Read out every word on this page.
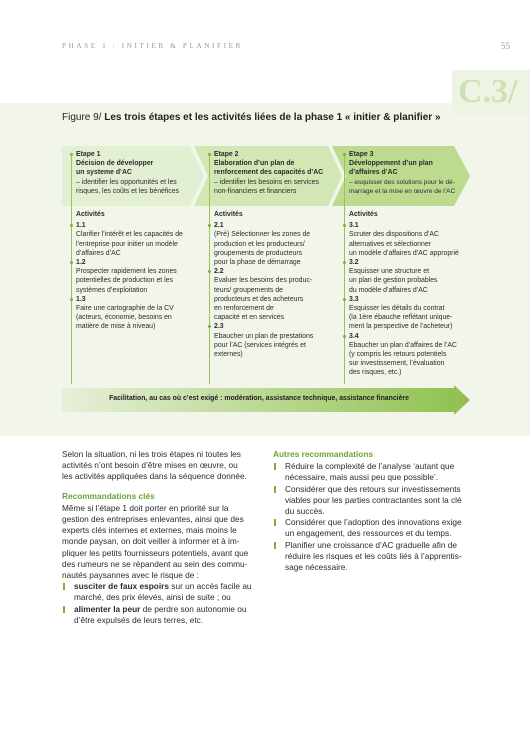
PHASE 1 : INITIER & PLANIFIER	55
C.3/
Figure 9/ Les trois étapes et les activités liées de la phase 1 « initier & planifier »
Etape 1
Décision de développer
un systeme d’AC
– identifier les opportunités et les
risques, les coûts et les bénéfices
Etape 2
Elaboration d’un plan de
renforcement des capacités d’AC
– identifier les besoins en services
non-financiers et financiers
Etape 3
Développement d’un plan
d’affaires d’AC
– esquisser des solutions pour le dé-
marrage et la mise en œuvre de l’AC
Activités
1.1
Clarifier l’intérêt et les capacités de
l’entreprise pour initier un modèle
d’affaires d’AC
1.2
Prospecter rapidement les zones
potentielles de production et les
systèmes d’exploitation
1.3
Faire une cartographie de la CV
(acteurs, économie, besoins en
matière de mise à niveau)
Activités
2.1
(Pré) Sélectionner les zones de
production et les producteurs/
groupements de producteurs
pour la phase de démarrage
2.2
Evaluer les besoins des produc-
teurs/ groupements de
producteurs et des acheteurs
en renforcement de
capacité et en services
2.3
Ebaucher un plan de prestations
pour l’AC (services intégrés et
externes)
Activités
3.1
Scruter des dispositions d’AC
alternatives et sélectionner
un modèle d’affaires d’AC approprié
3.2
Esquisser une structure et
un plan de gestion probables
du modèle d’affaires d’AC
3.3
Esquisser les détails du contrat
(la 1ère ébauche reflétant unique-
ment la perspective de l’acheteur)
3.4
Ebaucher un plan d’affaires de l’AC
(y compris les retours potentiels
sur investissement, l’évaluation
des risques, etc.)
Facilitation, au cas où c’est exigé : modération, assistance technique, assistance financière

Selon la situation, ni les trois étapes ni toutes les
activités n’ont besoin d’être mises en œuvre, ou
les activités appliquées dans la séquence donnée.

Recommandations clés
Même si l’étape 1 doit porter en priorité sur la
gestion des entreprises enlevantes, ainsi que des
experts clés internes et externes, mais moins le
monde paysan, on doit veiller à informer et à im-
pliquer les petits fournisseurs potentiels, avant que
des rumeurs ne se répandent au sein des commu-
nautés paysannes avec le risque de :
susciter de faux espoirs sur un accès facile au
marché, des prix élevés, ainsi de suite ; ou
alimenter la peur de perdre son autonomie ou
d’être expulsés de leurs terres, etc.
Autres recommandations
Réduire la complexité de l’analyse ‘autant que
nécessaire, mais aussi peu que possible’.
Considérer que des retours sur investissements
viables pour les parties contractantes sont la clé
du succès.
Considérer que l’adoption des innovations exige
un engagement, des ressources et du temps.
Planifier une croissance d’AC graduelle afin de
réduire les risques et les coûts liés à l’apprentis-
sage nécessaire.
